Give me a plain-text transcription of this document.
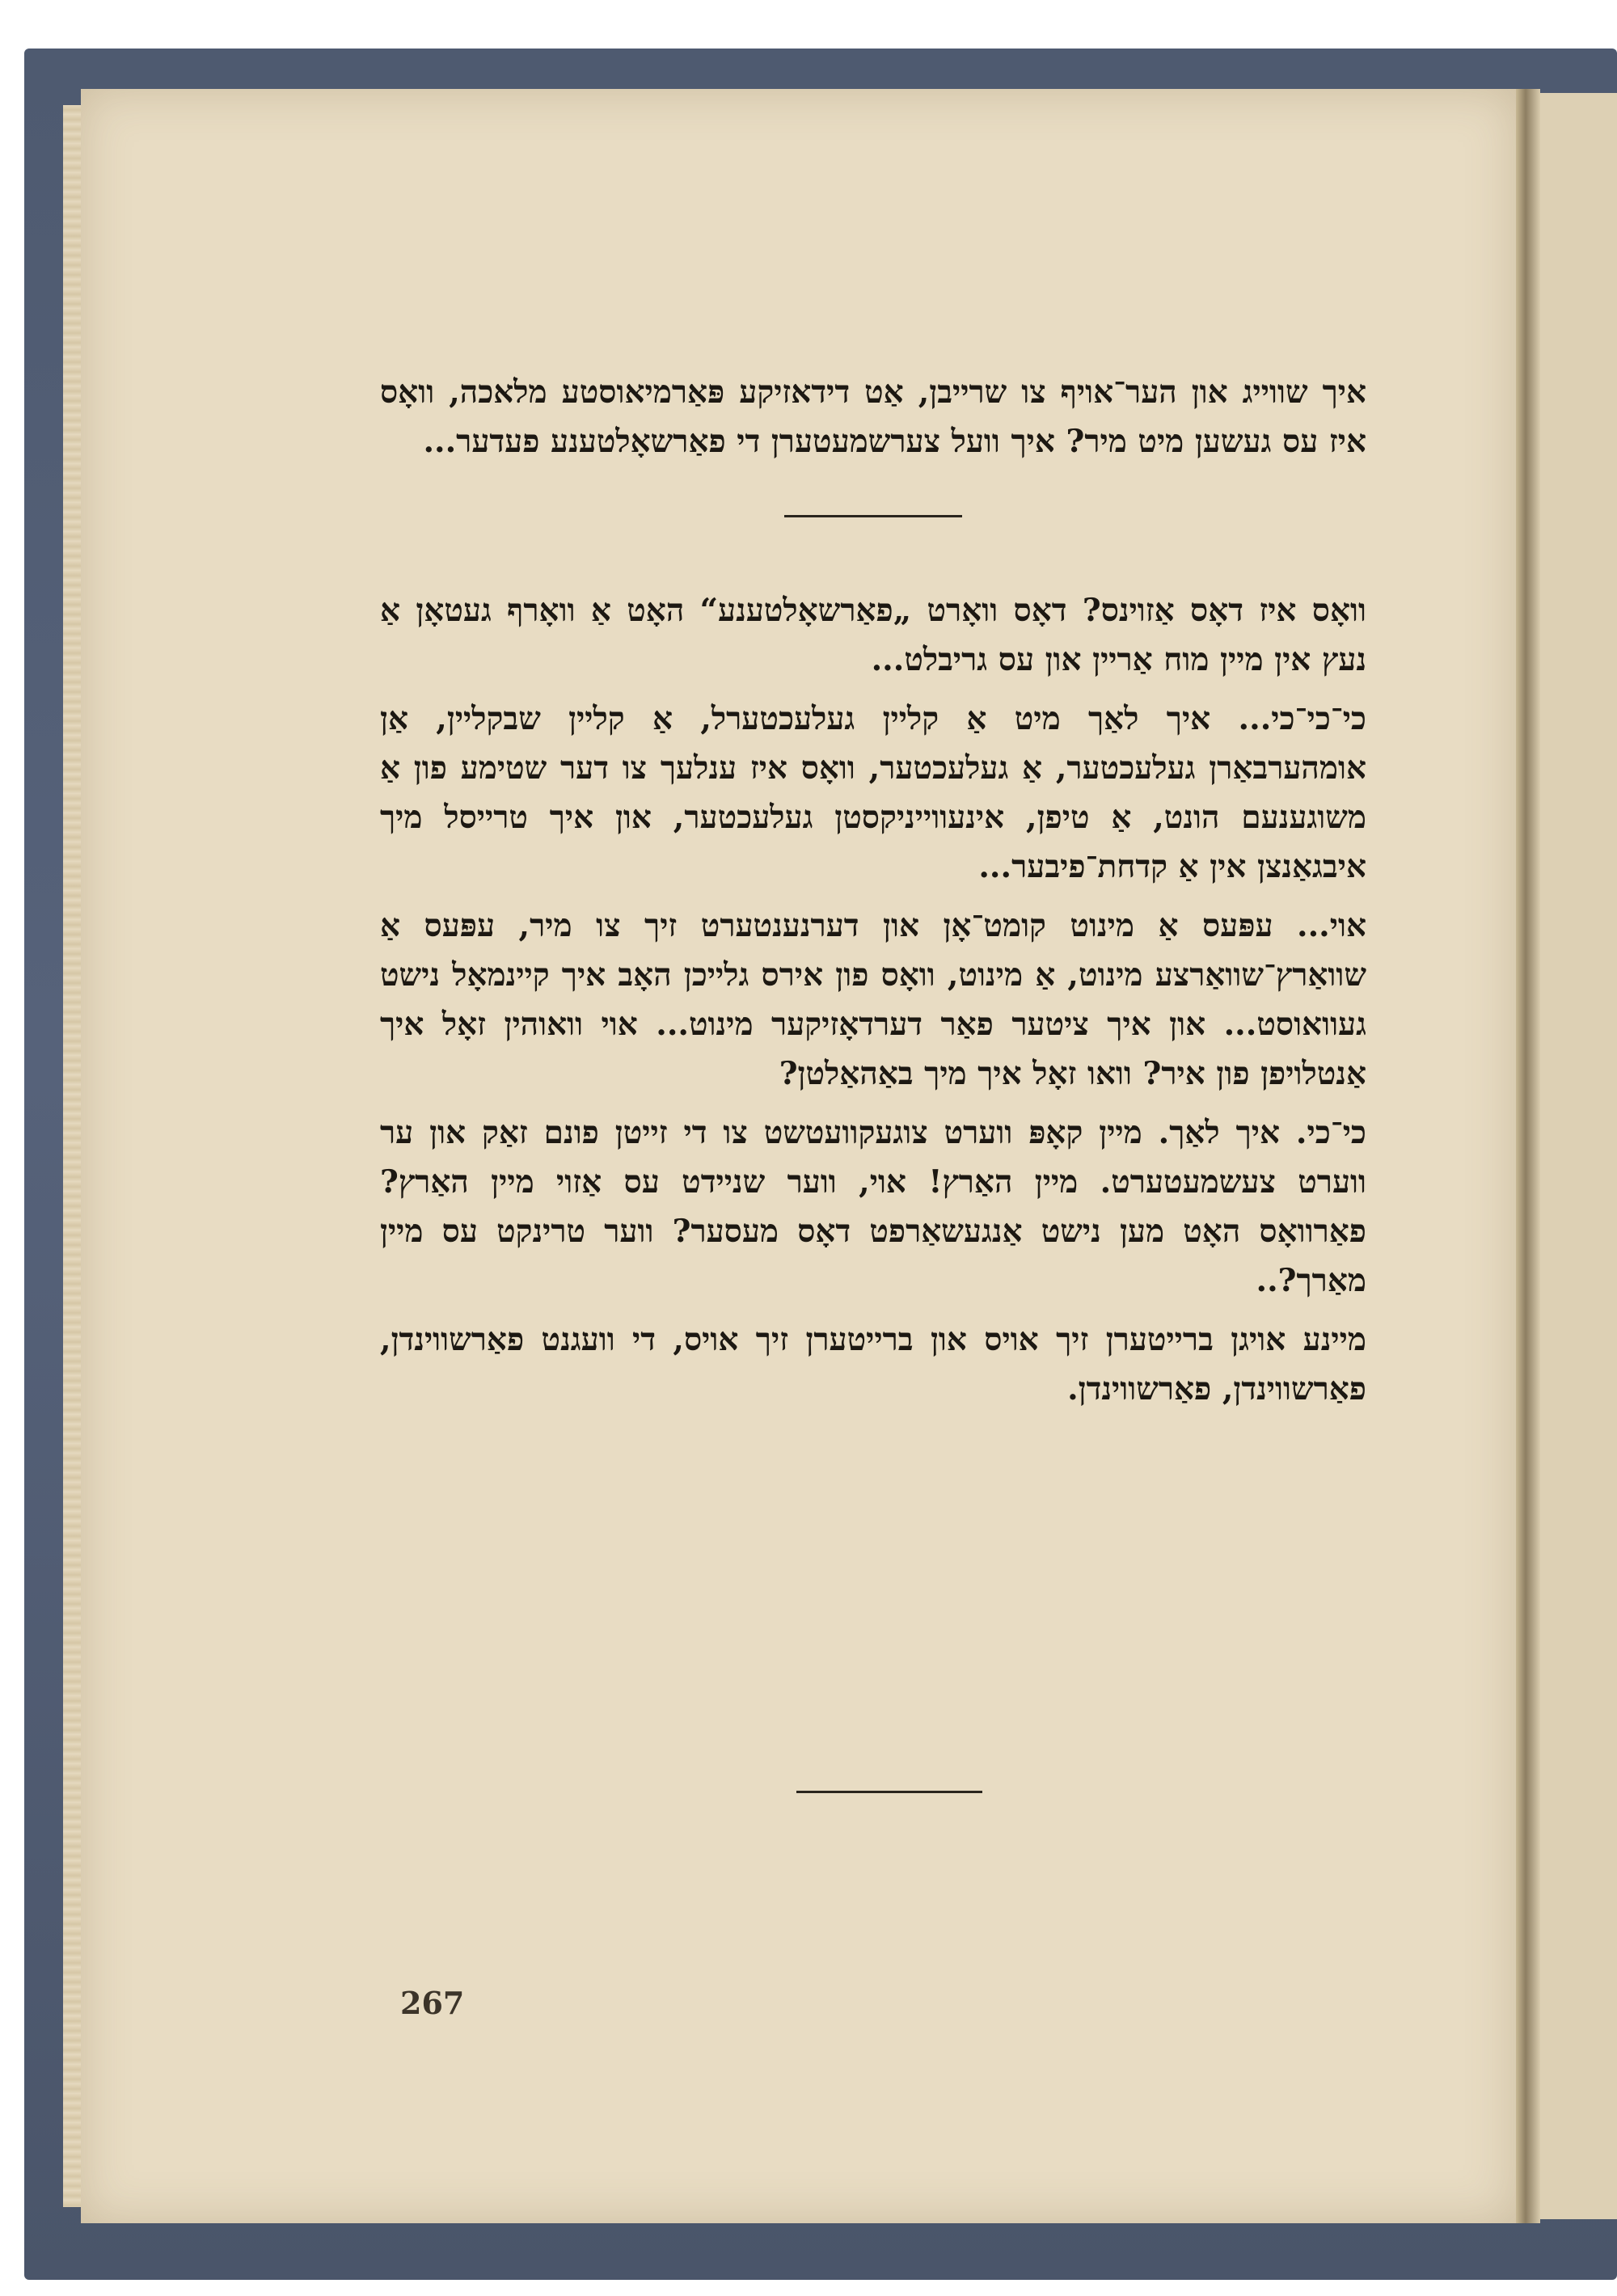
איך שווייג און הער־אויף צו שרייבן, אַט דידאזיקע פּאַרמיאוסטע מלאכה, וואָס איז עס געשען מיט מיר? איך וועל צערשמעטערן די פאַרשאָלטענע פעדער...

וואָס איז דאָס אַזוינס? דאָס וואָרט „פאַרשאָלטענע“ האָט אַ וואָרף געטאָן אַ נעץ אין מיין מוח אַריין און עס גריבלט...

כי־כי־כי... איך לאַך מיט אַ קליין געלעכטערל, אַ קליין שבקליין, אַן אומהערבאַרן געלעכטער, אַ געלעכטער, וואָס איז ענלעך צו דער שטימע פון אַ משוגענעם הונט, אַ טיפן, אינעווייניקסטן געלעכטער, און איך טרייסל מיך איבגאַנצן אין אַ קדחת־פיבער...

אוי... עפּעס אַ מינוט קומט־אָן און דערנענטערט זיך צו מיר, עפּעס אַ שוואַרץ־שוואַרצע מינוט, אַ מינוט, וואָס פון אירס גלייכן האָב איך קיינמאָל נישט געוואוסט... און איך ציטער פאַר דערדאָזיקער מינוט... אוי וואוהין זאָל איך אַנטלויפן פון איר? וואו זאָל איך מיך באַהאַלטן?

כי־כי. איך לאַך. מיין קאָפּ ווערט צוגעקוועטשט צו די זייטן פונם זאַק און ער ווערט צעשמעטערט. מיין האַרץ! אוי, ווער שניידט עס אַזוי מיין האַרץ? פאַרוואָס האָט מען נישט אַנגעשאַרפט דאָס מעסער? ווער טרינקט עס מיין מאַרך?..

מיינע אויגן ברייטערן זיך אויס און ברייטערן זיך אויס, די וועגנט פאַרשווינדן, פאַרשווינדן, פאַרשווינדן.

267
